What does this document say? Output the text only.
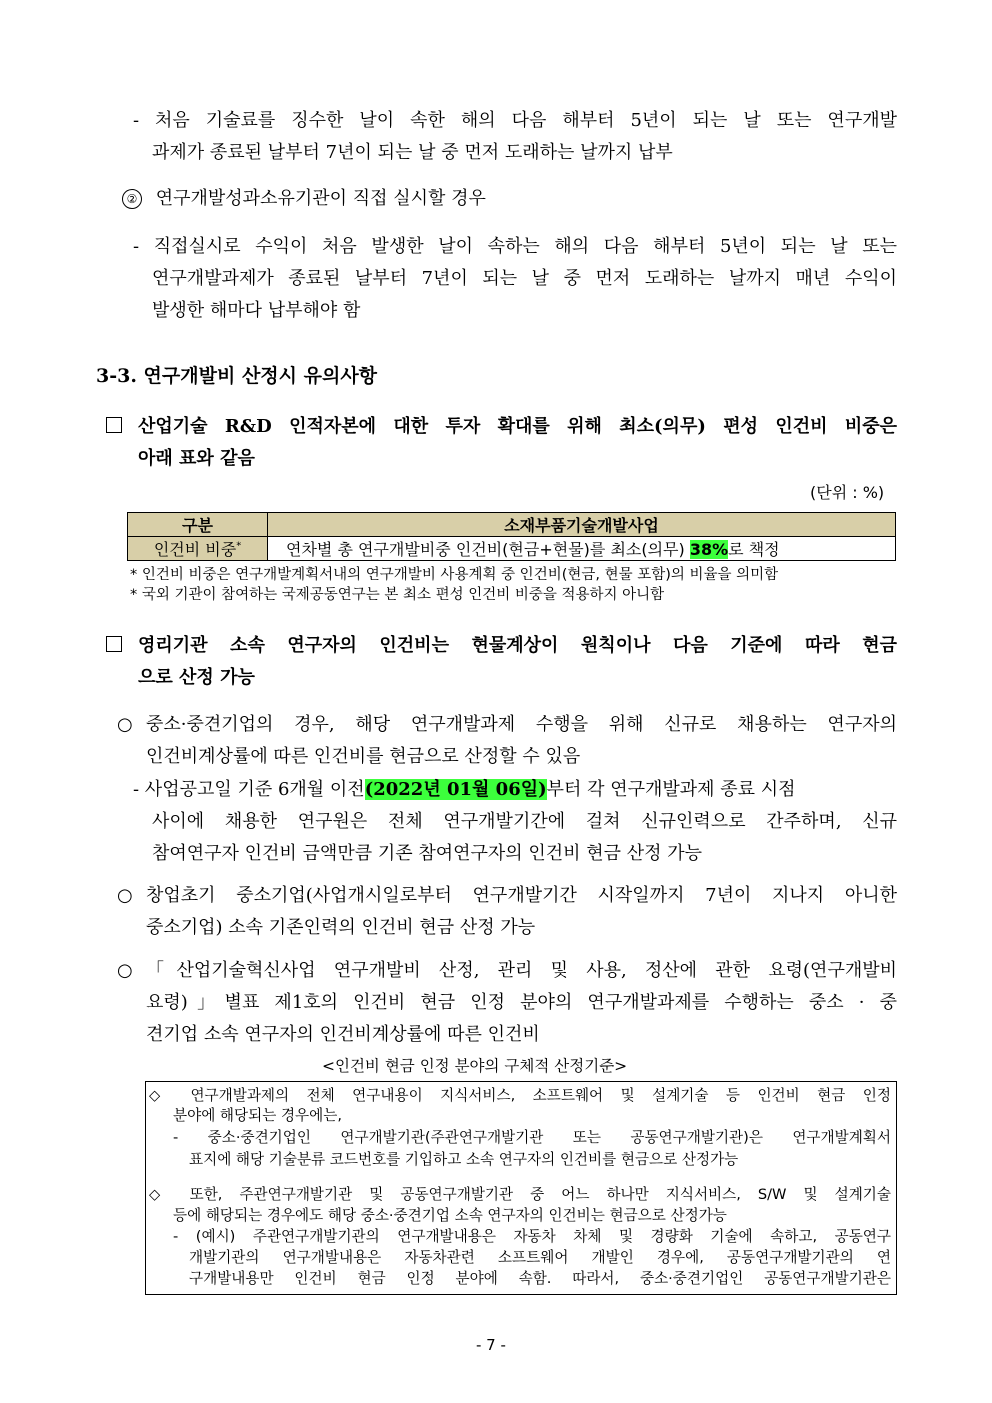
- 처음 기술료를 징수한 날이 속한 해의 다음 해부터 5년이 되는 날 또는 연구개발
과제가 종료된 날부터 7년이 되는 날 중 먼저 도래하는 날까지 납부
② 연구개발성과소유기관이 직접 실시할 경우
- 직접실시로 수익이 처음 발생한 날이 속하는 해의 다음 해부터 5년이 되는 날 또는
연구개발과제가 종료된 날부터 7년이 되는 날 중 먼저 도래하는 날까지 매년 수익이
발생한 해마다 납부해야 함
3-3. 연구개발비 산정시 유의사항
산업기술 R&D 인적자본에 대한 투자 확대를 위해 최소(의무) 편성 인건비 비중은
아래 표와 같음
(단위 : %)
구분	소재부품기술개발사업
인건비 비중*	연차별 총 연구개발비중 인건비(현금+현물)를 최소(의무) 38%로 책정
* 인건비 비중은 연구개발계획서내의 연구개발비 사용계획 중 인건비(현금, 현물 포함)의 비율을 의미함
* 국외 기관이 참여하는 국제공동연구는 본 최소 편성 인건비 비중을 적용하지 아니함
영리기관 소속 연구자의 인건비는 현물계상이 원칙이나 다음 기준에 따라 현금
으로 산정 가능
○ 중소·중견기업의 경우, 해당 연구개발과제 수행을 위해 신규로 채용하는 연구자의
인건비계상률에 따른 인건비를 현금으로 산정할 수 있음
- 사업공고일 기준 6개월 이전(2022년 01월 06일)부터 각 연구개발과제 종료 시점
사이에 채용한 연구원은 전체 연구개발기간에 걸쳐 신규인력으로 간주하며, 신규
참여연구자 인건비 금액만큼 기존 참여연구자의 인건비 현금 산정 가능
○ 창업초기 중소기업(사업개시일로부터 연구개발기간 시작일까지 7년이 지나지 아니한
중소기업) 소속 기존인력의 인건비 현금 산정 가능
○ 「산업기술혁신사업 연구개발비 산정, 관리 및 사용, 정산에 관한 요령(연구개발비
요령)」별표 제1호의 인건비 현금 인정 분야의 연구개발과제를 수행하는 중소 · 중
견기업 소속 연구자의 인건비계상률에 따른 인건비
<인건비 현금 인정 분야의 구체적 산정기준>
◇ 연구개발과제의 전체 연구내용이 지식서비스, 소프트웨어 및 설계기술 등 인건비 현금 인정
분야에 해당되는 경우에는,
- 중소·중견기업인 연구개발기관(주관연구개발기관 또는 공동연구개발기관)은 연구개발계획서
표지에 해당 기술분류 코드번호를 기입하고 소속 연구자의 인건비를 현금으로 산정가능
◇ 또한, 주관연구개발기관 및 공동연구개발기관 중 어느 하나만 지식서비스, S/W 및 설계기술
등에 해당되는 경우에도 해당 중소·중견기업 소속 연구자의 인건비는 현금으로 산정가능
- (예시) 주관연구개발기관의 연구개발내용은 자동차 차체 및 경량화 기술에 속하고, 공동연구
개발기관의 연구개발내용은 자동차관련 소프트웨어 개발인 경우에, 공동연구개발기관의 연
구개발내용만 인건비 현금 인정 분야에 속함. 따라서, 중소·중견기업인 공동연구개발기관은
- 7 -
